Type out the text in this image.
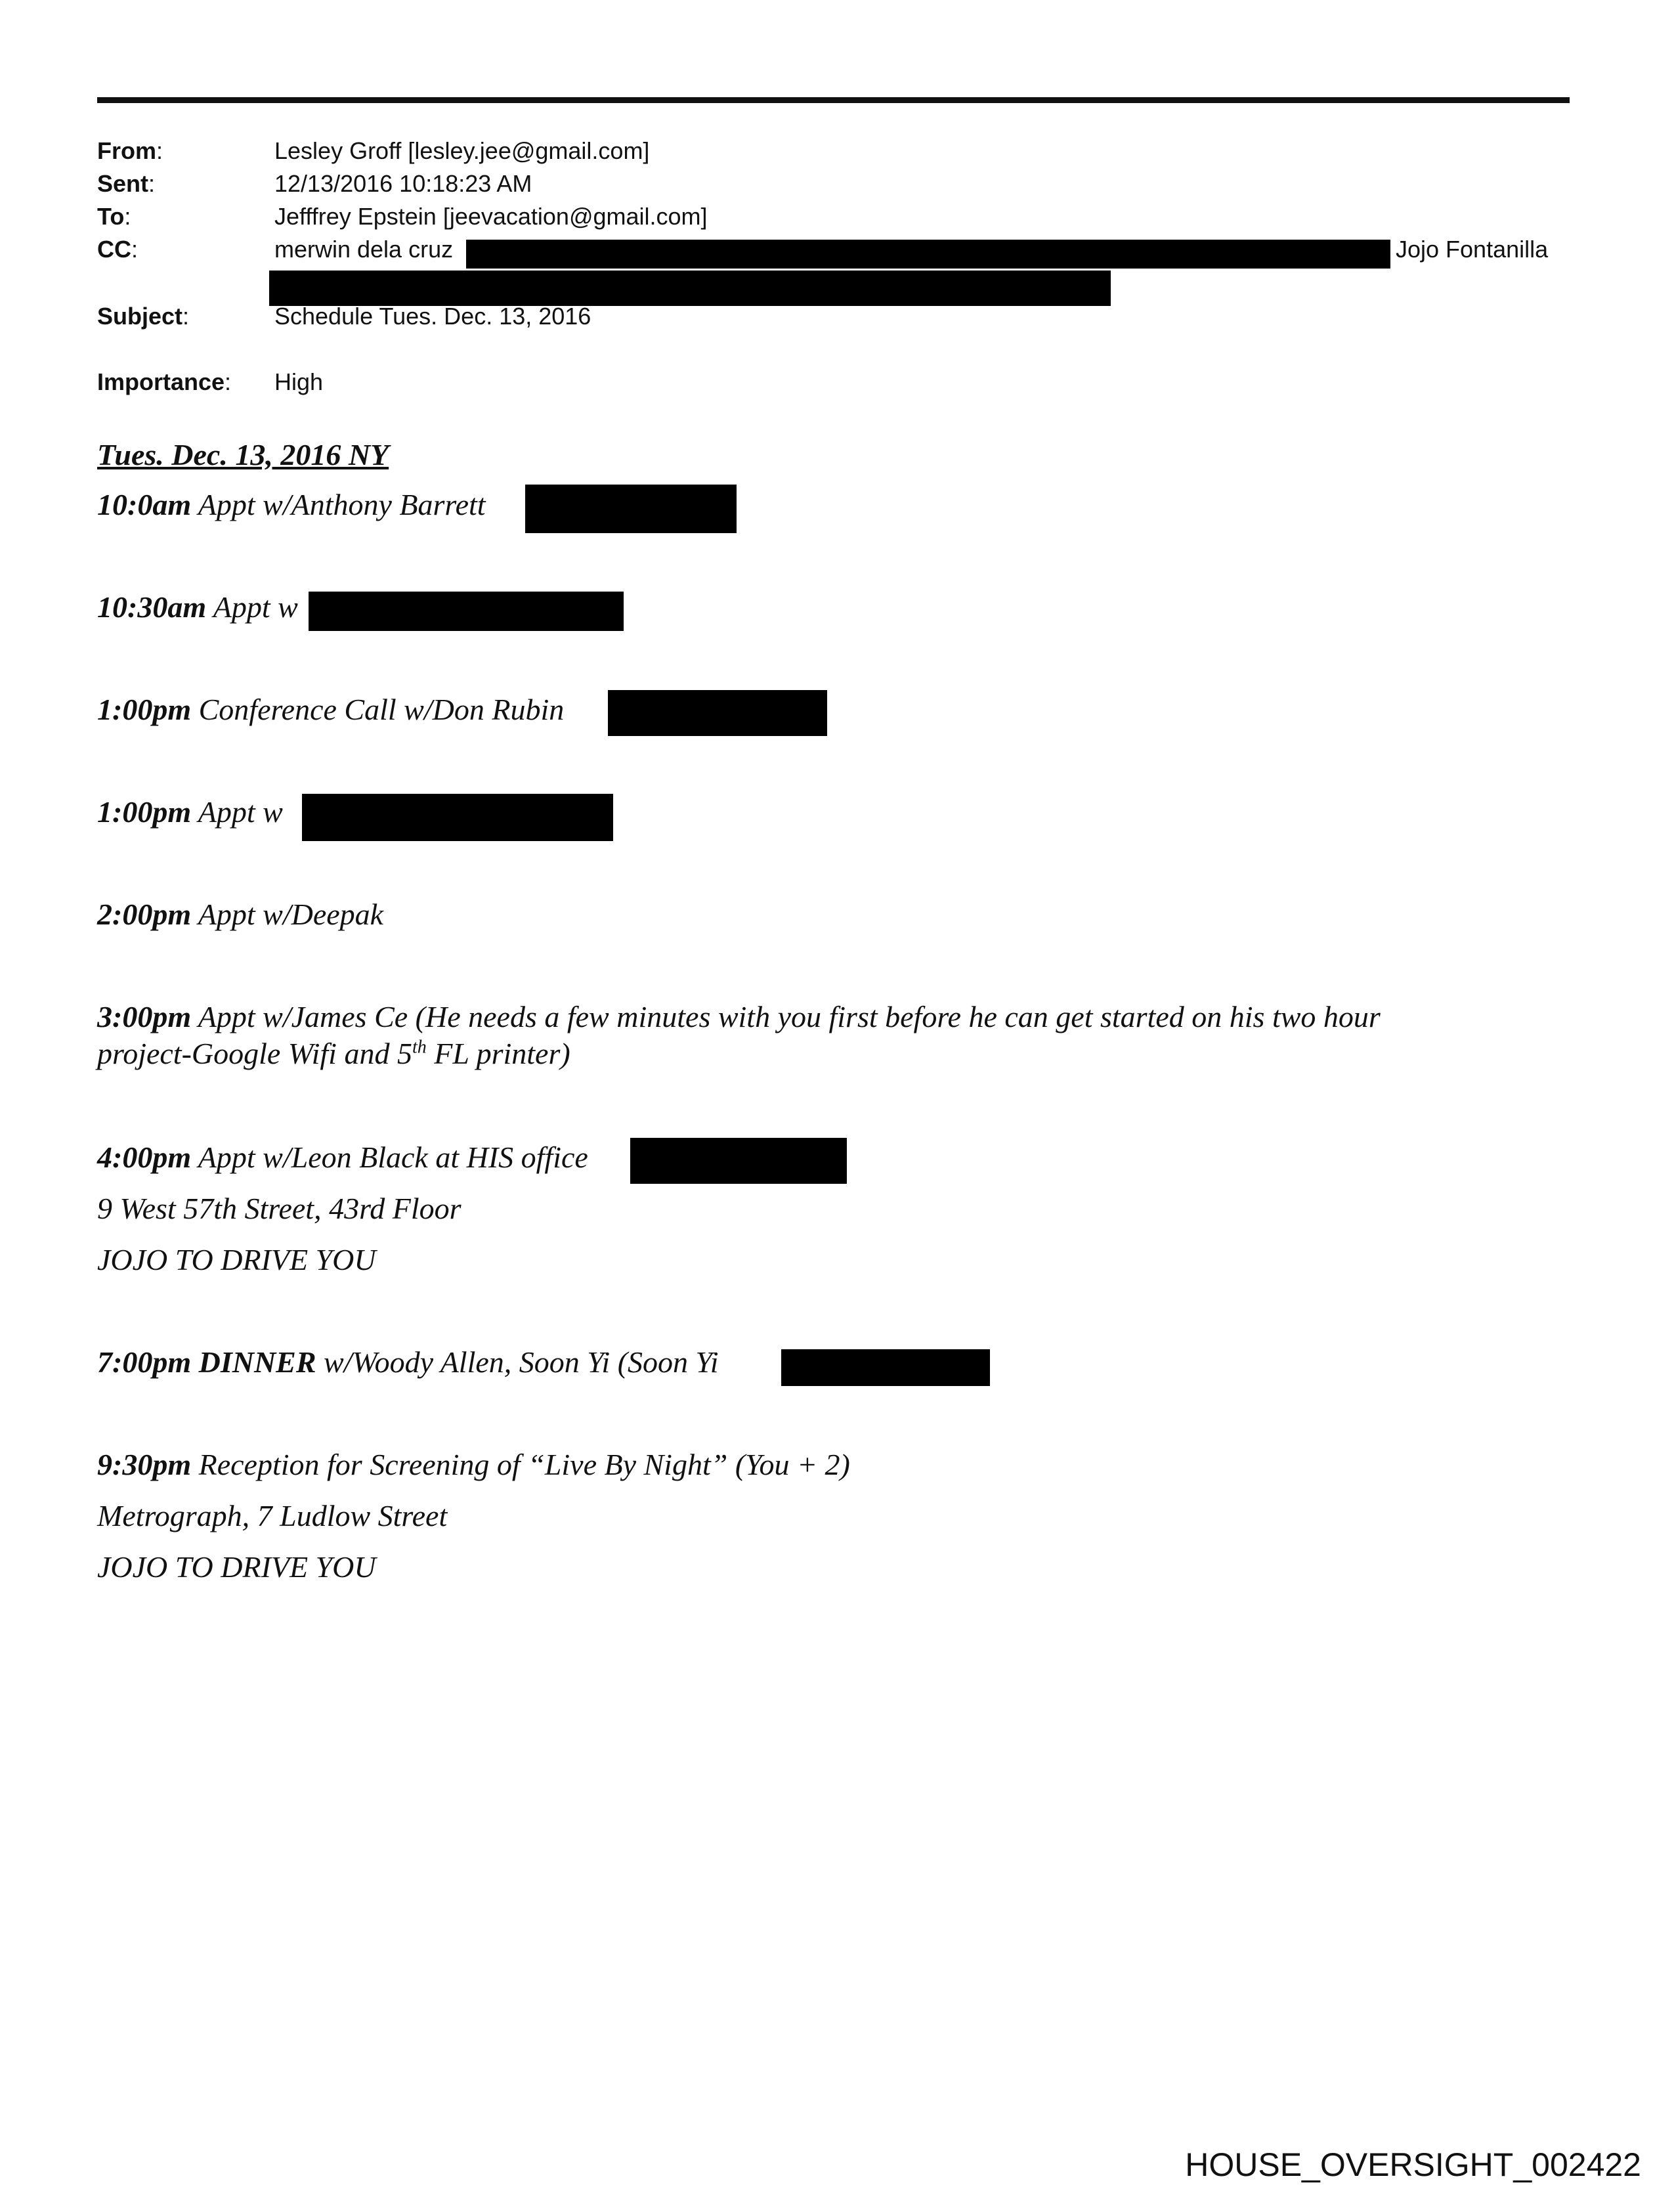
From:	Lesley Groff [lesley.jee@gmail.com]
Sent:	12/13/2016 10:18:23 AM
To:	Jefffrey Epstein [jeevacation@gmail.com]
CC:	merwin dela cruz	Jojo Fontanilla
Subject:	Schedule Tues. Dec. 13, 2016
Importance: High
Tues. Dec. 13, 2016 NY
10:0am Appt w/Anthony Barrett
10:30am Appt w
1:00pm Conference Call w/Don Rubin
1:00pm Appt w
2:00pm Appt w/Deepak
3:00pm Appt w/James Ce (He needs a few minutes with you first before he can get started on his two hour
project-Google Wifi and 5th FL printer)
4:00pm Appt w/Leon Black at HIS office
9 West 57th Street, 43rd Floor
JOJO TO DRIVE YOU
7:00pm DINNER w/Woody Allen, Soon Yi (Soon Yi
9:30pm Reception for Screening of “Live By Night” (You + 2)
Metrograph, 7 Ludlow Street
JOJO TO DRIVE YOU
HOUSE_OVERSIGHT_002422
